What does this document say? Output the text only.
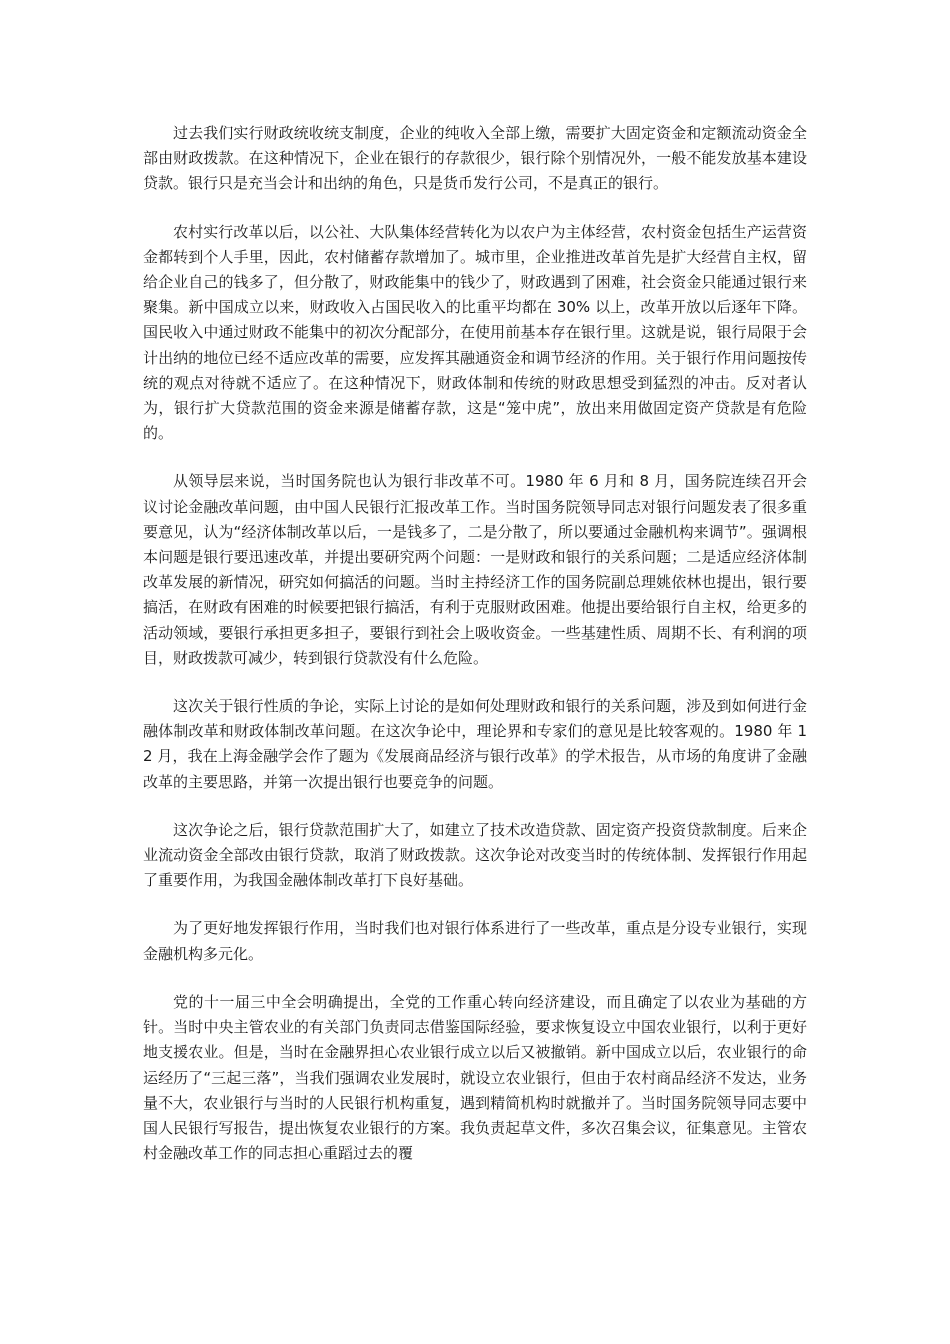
过去我们实行财政统收统支制度，企业的纯收入全部上缴，需要扩大固定资金和定额流动资金全部由财政拨款。在这种情况下，企业在银行的存款很少，银行除个别情况外，一般不能发放基本建设贷款。银行只是充当会计和出纳的角色，只是货币发行公司，不是真正的银行。

农村实行改革以后，以公社、大队集体经营转化为以农户为主体经营，农村资金包括生产运营资金都转到个人手里，因此，农村储蓄存款增加了。城市里，企业推进改革首先是扩大经营自主权，留给企业自己的钱多了，但分散了，财政能集中的钱少了，财政遇到了困难，社会资金只能通过银行来聚集。新中国成立以来，财政收入占国民收入的比重平均都在 30% 以上，改革开放以后逐年下降。国民收入中通过财政不能集中的初次分配部分，在使用前基本存在银行里。这就是说，银行局限于会计出纳的地位已经不适应改革的需要，应发挥其融通资金和调节经济的作用。关于银行作用问题按传统的观点对待就不适应了。在这种情况下，财政体制和传统的财政思想受到猛烈的冲击。反对者认为，银行扩大贷款范围的资金来源是储蓄存款，这是“笼中虎”，放出来用做固定资产贷款是有危险的。

从领导层来说，当时国务院也认为银行非改革不可。1980 年 6 月和 8 月，国务院连续召开会议讨论金融改革问题，由中国人民银行汇报改革工作。当时国务院领导同志对银行问题发表了很多重要意见，认为“经济体制改革以后，一是钱多了，二是分散了，所以要通过金融机构来调节”。强调根本问题是银行要迅速改革，并提出要研究两个问题：一是财政和银行的关系问题；二是适应经济体制改革发展的新情况，研究如何搞活的问题。当时主持经济工作的国务院副总理姚依林也提出，银行要搞活，在财政有困难的时候要把银行搞活，有利于克服财政困难。他提出要给银行自主权，给更多的活动领域，要银行承担更多担子，要银行到社会上吸收资金。一些基建性质、周期不长、有利润的项目，财政拨款可减少，转到银行贷款没有什么危险。

这次关于银行性质的争论，实际上讨论的是如何处理财政和银行的关系问题，涉及到如何进行金融体制改革和财政体制改革问题。在这次争论中，理论界和专家们的意见是比较客观的。1980 年 12 月，我在上海金融学会作了题为《发展商品经济与银行改革》的学术报告，从市场的角度讲了金融改革的主要思路，并第一次提出银行也要竞争的问题。

这次争论之后，银行贷款范围扩大了，如建立了技术改造贷款、固定资产投资贷款制度。后来企业流动资金全部改由银行贷款，取消了财政拨款。这次争论对改变当时的传统体制、发挥银行作用起了重要作用，为我国金融体制改革打下良好基础。

为了更好地发挥银行作用，当时我们也对银行体系进行了一些改革，重点是分设专业银行，实现金融机构多元化。

党的十一届三中全会明确提出，全党的工作重心转向经济建设，而且确定了以农业为基础的方针。当时中央主管农业的有关部门负责同志借鉴国际经验，要求恢复设立中国农业银行，以利于更好地支援农业。但是，当时在金融界担心农业银行成立以后又被撤销。新中国成立以后，农业银行的命运经历了“三起三落”，当我们强调农业发展时，就设立农业银行，但由于农村商品经济不发达，业务量不大，农业银行与当时的人民银行机构重复，遇到精简机构时就撤并了。当时国务院领导同志要中国人民银行写报告，提出恢复农业银行的方案。我负责起草文件，多次召集会议，征集意见。主管农村金融改革工作的同志担心重蹈过去的覆
